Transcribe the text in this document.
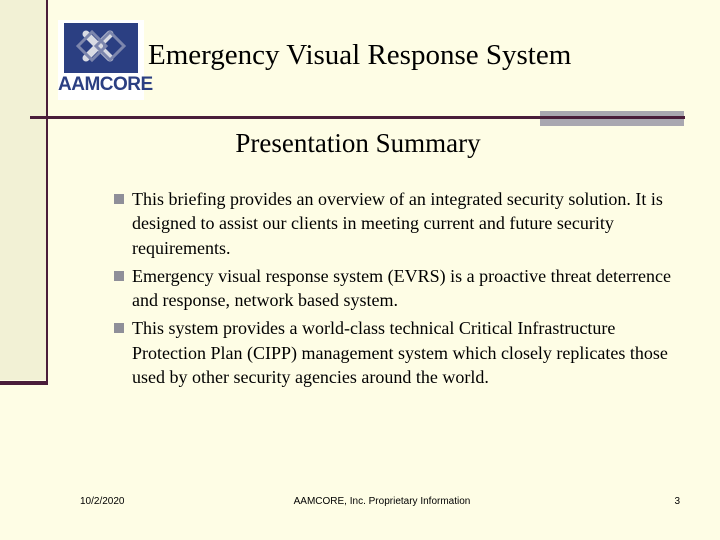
AAMCORE
Emergency Visual Response System
Presentation Summary
This briefing provides an overview of an integrated security solution. It is designed to assist our clients in meeting current and future security requirements.
Emergency visual response system (EVRS) is a proactive threat deterrence and response, network based system.
This system provides a world-class technical Critical Infrastructure Protection Plan (CIPP) management system which closely replicates those used by other security agencies around the world.
10/2/2020	AAMCORE, Inc. Proprietary Information	3
